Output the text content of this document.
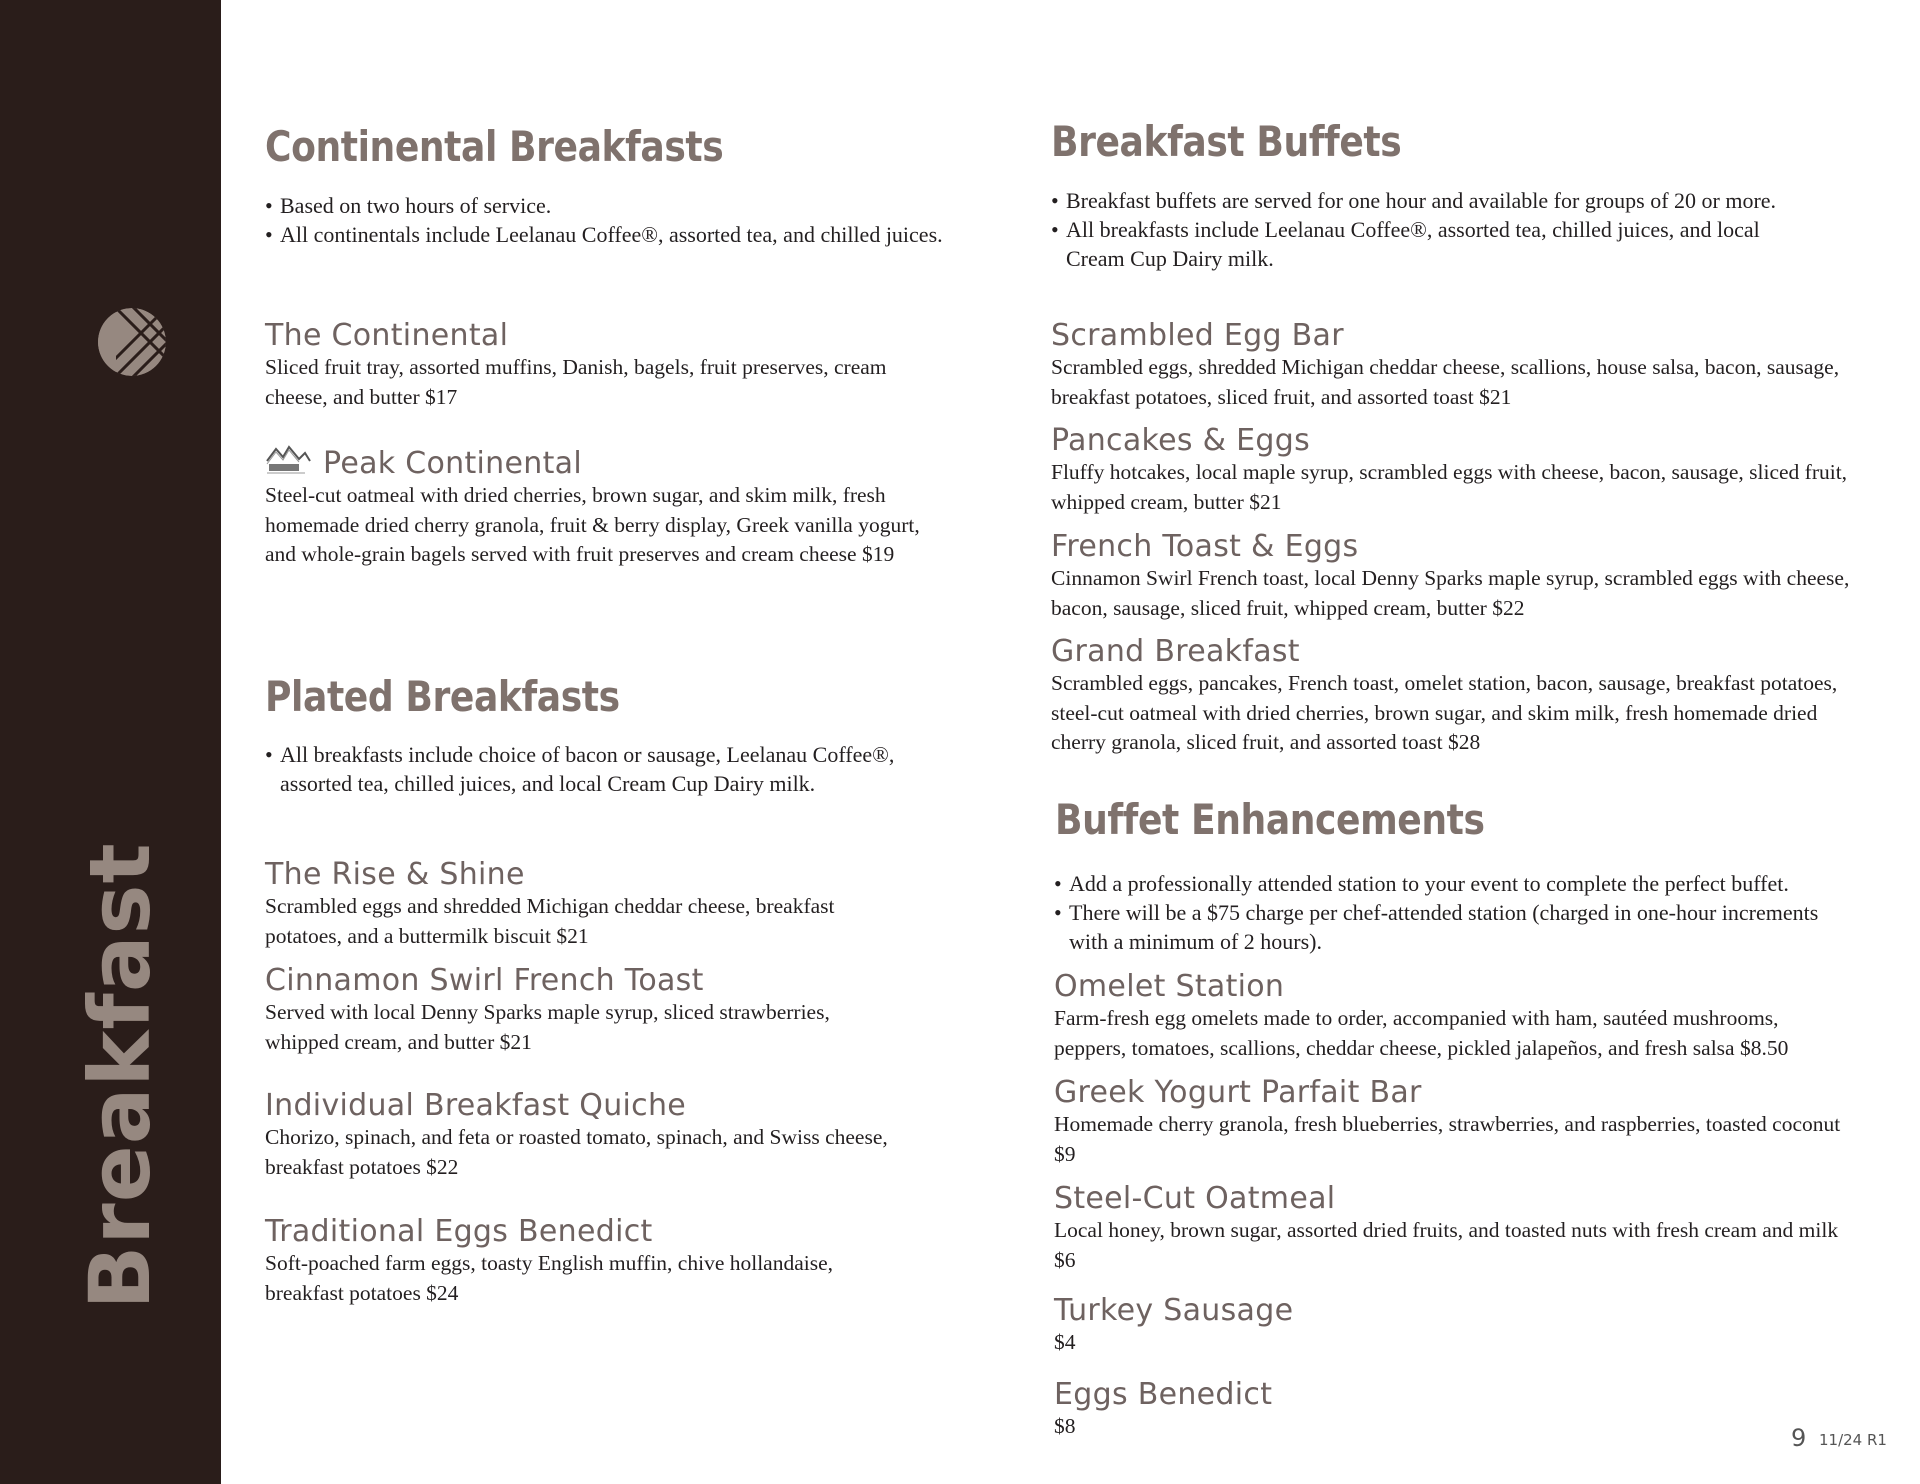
Breakfast
Continental Breakfasts
• Based on two hours of service.
• All continentals include Leelanau Coffee®, assorted tea, and chilled juices.
The Continental
Sliced fruit tray, assorted muffins, Danish, bagels, fruit preserves, cream cheese, and butter $17
Peak Continental
Steel-cut oatmeal with dried cherries, brown sugar, and skim milk, fresh homemade dried cherry granola, fruit & berry display, Greek vanilla yogurt, and whole-grain bagels served with fruit preserves and cream cheese $19
Plated Breakfasts
• All breakfasts include choice of bacon or sausage, Leelanau Coffee®, assorted tea, chilled juices, and local Cream Cup Dairy milk.
The Rise & Shine
Scrambled eggs and shredded Michigan cheddar cheese, breakfast potatoes, and a buttermilk biscuit $21
Cinnamon Swirl French Toast
Served with local Denny Sparks maple syrup, sliced strawberries, whipped cream, and butter $21
Individual Breakfast Quiche
Chorizo, spinach, and feta or roasted tomato, spinach, and Swiss cheese, breakfast potatoes $22
Traditional Eggs Benedict
Soft-poached farm eggs, toasty English muffin, chive hollandaise, breakfast potatoes $24
Breakfast Buffets
• Breakfast buffets are served for one hour and available for groups of 20 or more.
• All breakfasts include Leelanau Coffee®, assorted tea, chilled juices, and local Cream Cup Dairy milk.
Scrambled Egg Bar
Scrambled eggs, shredded Michigan cheddar cheese, scallions, house salsa, bacon, sausage, breakfast potatoes, sliced fruit, and assorted toast $21
Pancakes & Eggs
Fluffy hotcakes, local maple syrup, scrambled eggs with cheese, bacon, sausage, sliced fruit, whipped cream, butter $21
French Toast & Eggs
Cinnamon Swirl French toast, local Denny Sparks maple syrup, scrambled eggs with cheese, bacon, sausage, sliced fruit, whipped cream, butter $22
Grand Breakfast
Scrambled eggs, pancakes, French toast, omelet station, bacon, sausage, breakfast potatoes, steel-cut oatmeal with dried cherries, brown sugar, and skim milk, fresh homemade dried cherry granola, sliced fruit, and assorted toast $28
Buffet Enhancements
• Add a professionally attended station to your event to complete the perfect buffet.
• There will be a $75 charge per chef-attended station (charged in one-hour increments with a minimum of 2 hours).
Omelet Station
Farm-fresh egg omelets made to order, accompanied with ham, sautéed mushrooms, peppers, tomatoes, scallions, cheddar cheese, pickled jalapeños, and fresh salsa $8.50
Greek Yogurt Parfait Bar
Homemade cherry granola, fresh blueberries, strawberries, and raspberries, toasted coconut $9
Steel-Cut Oatmeal
Local honey, brown sugar, assorted dried fruits, and toasted nuts with fresh cream and milk $6
Turkey Sausage
$4
Eggs Benedict
$8	9 11/24 R1
